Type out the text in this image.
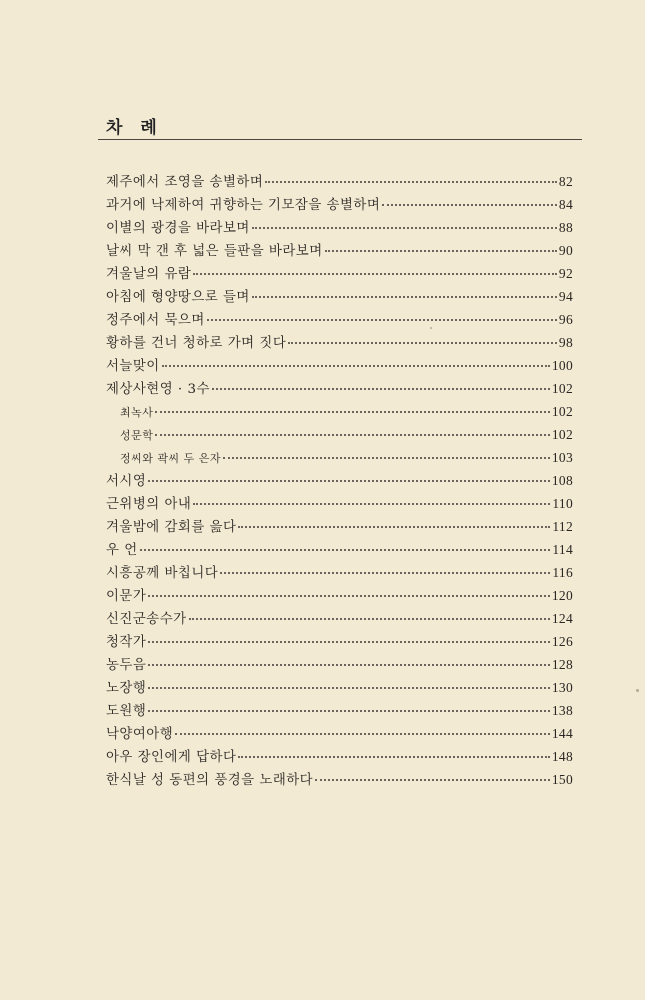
차 례
제주에서 조영을 송별하며	82
과거에 낙제하여 귀향하는 기모잠을 송별하며	84
이별의 광경을 바라보며	88
날씨 막 갠 후 넓은 들판을 바라보며	90
겨울날의 유람	92
아침에 형양땅으로 들며	94
정주에서 묵으며	96
황하를 건너 청하로 가며 짓다	98
서늘맞이	100
제상사현영 · 3수	102
최녹사	102
성문학	102
정씨와 곽씨 두 은자	103
서시영	108
근위병의 아내	110
겨울밤에 감회를 읊다	112
우 언	114
시흥공께 바칩니다	116
이문가	120
신진군송수가	124
청작가	126
농두음	128
노장행	130
도원행	138
낙양여아행	144
아우 장인에게 답하다	148
한식날 성 동편의 풍경을 노래하다	150
